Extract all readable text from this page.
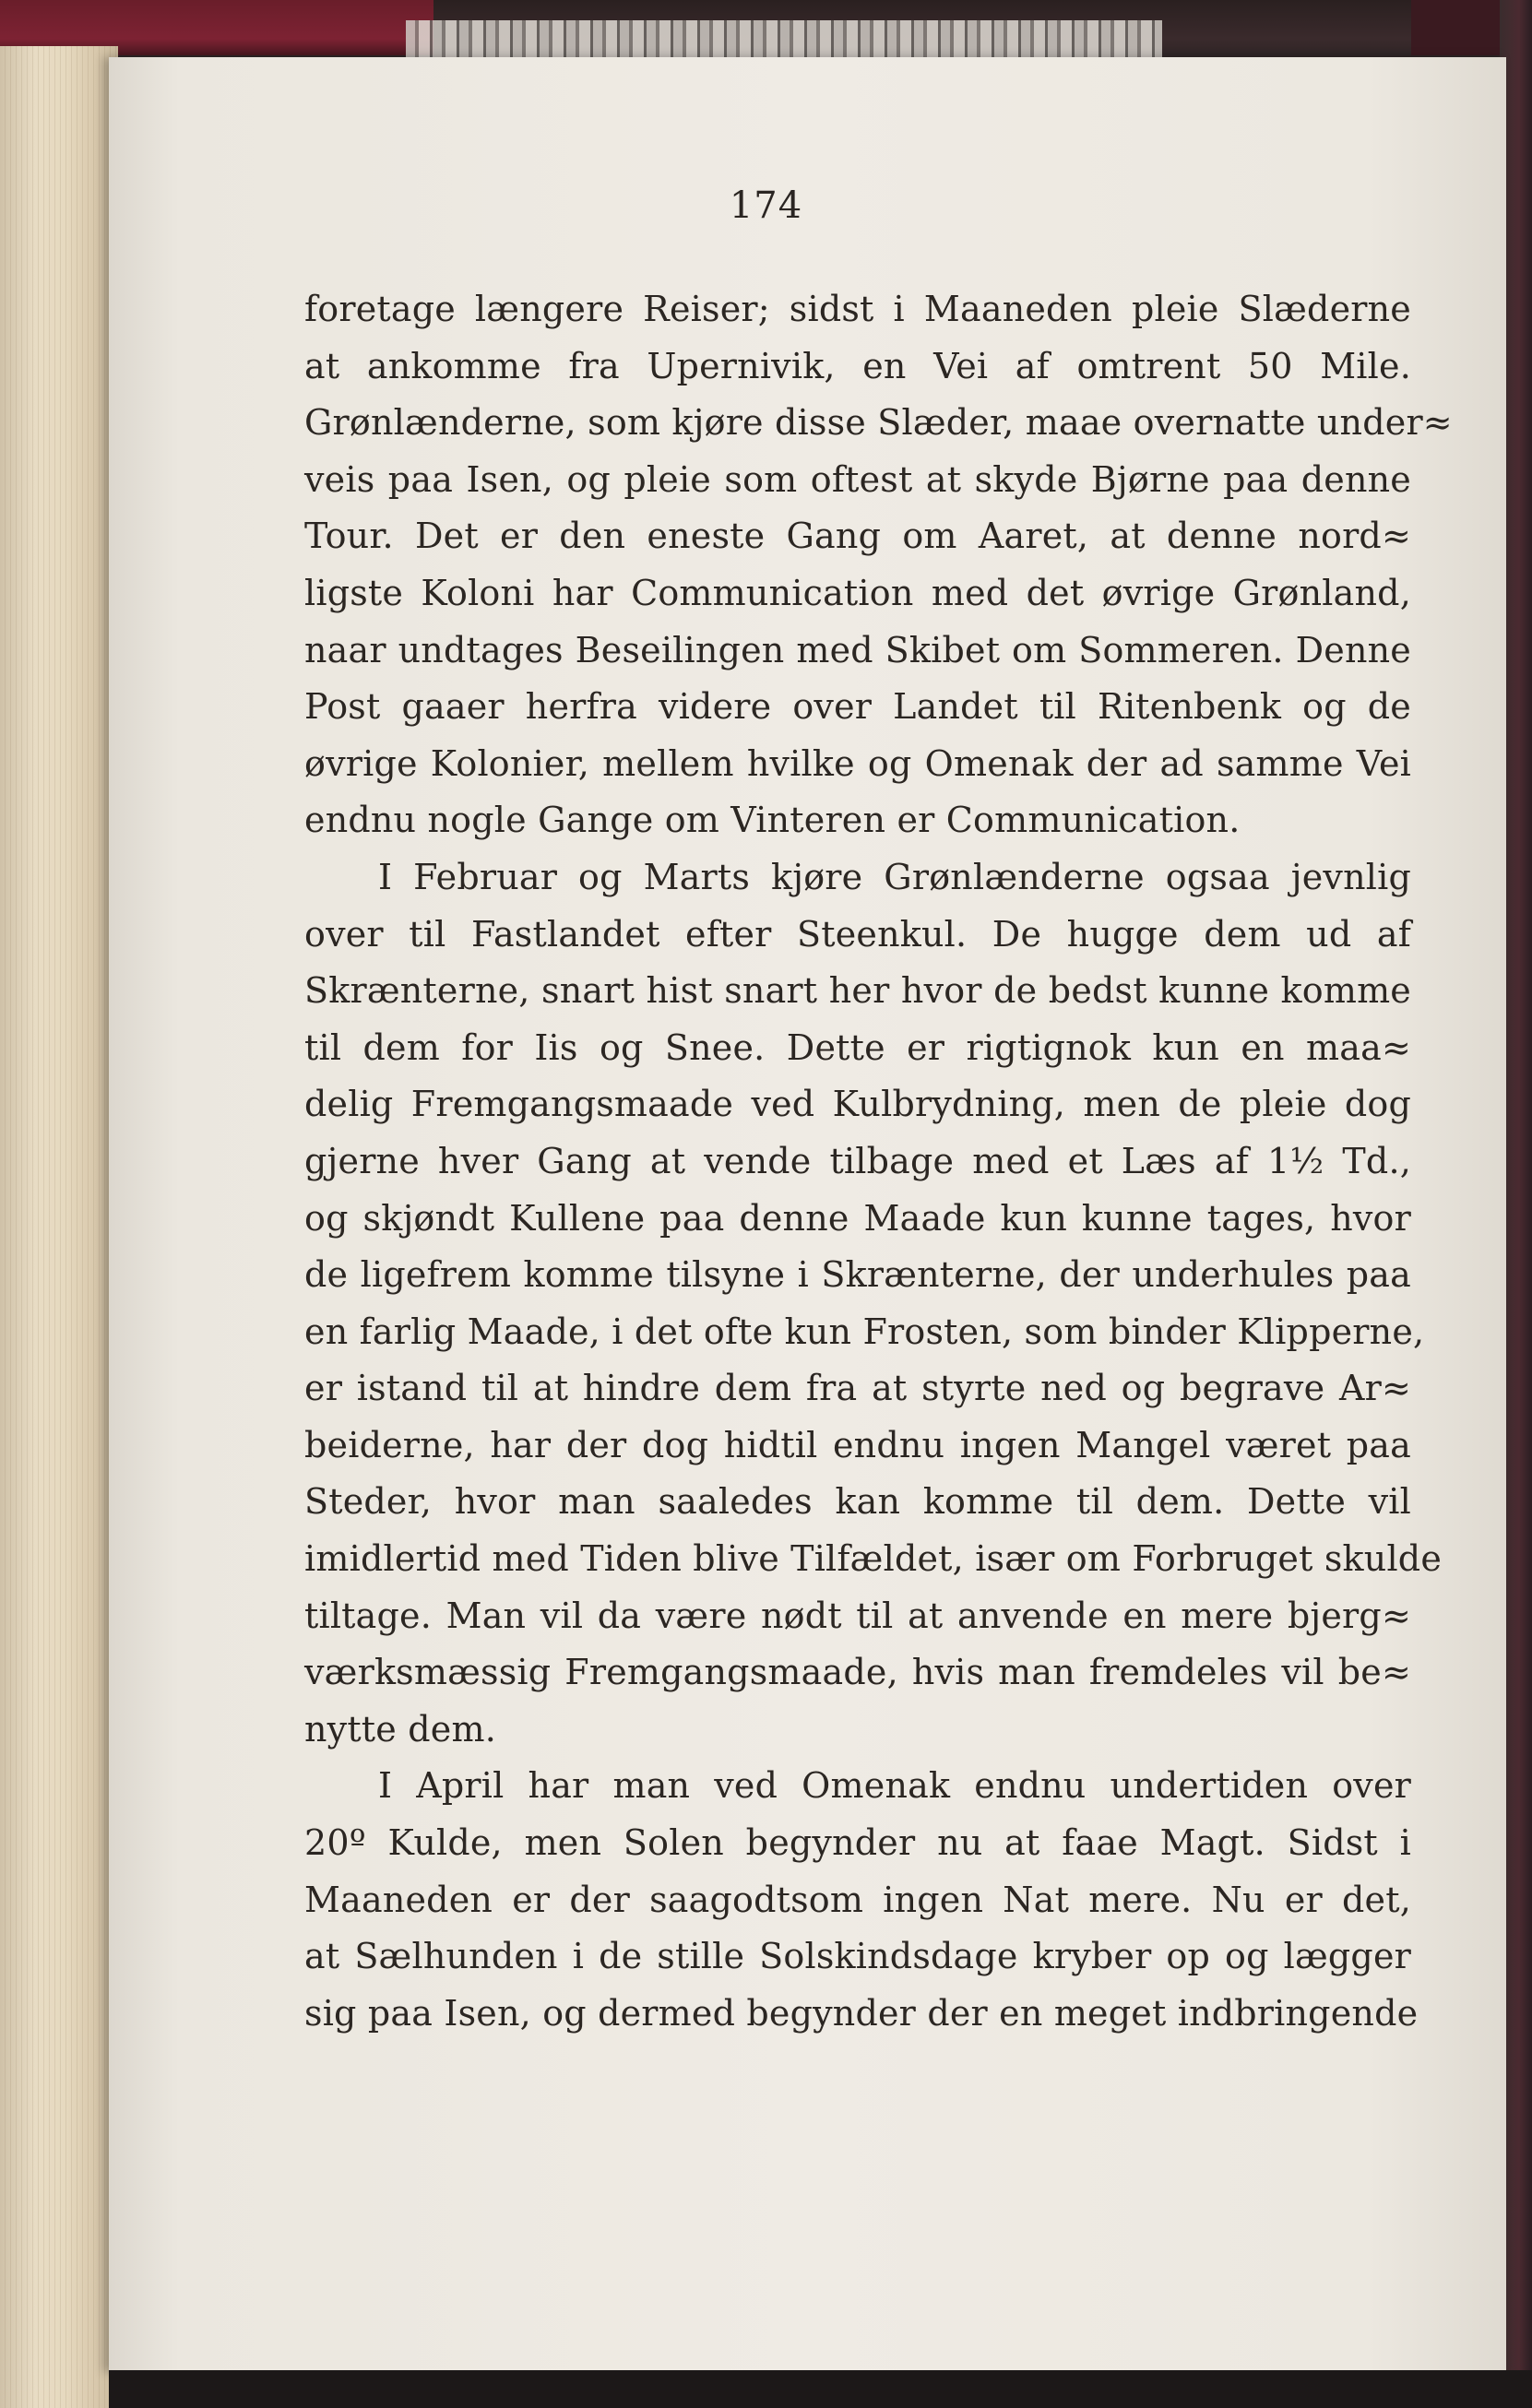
174
foretage længere Reiser; sidst i Maaneden pleie Slæderne
at ankomme fra Upernivik, en Vei af omtrent 50 Mile.
Grønlænderne, som kjøre disse Slæder, maae overnatte under≈
veis paa Isen, og pleie som oftest at skyde Bjørne paa denne
Tour. Det er den eneste Gang om Aaret, at denne nord≈
ligste Koloni har Communication med det øvrige Grønland,
naar undtages Beseilingen med Skibet om Sommeren. Denne
Post gaaer herfra videre over Landet til Ritenbenk og de
øvrige Kolonier, mellem hvilke og Omenak der ad samme Vei
endnu nogle Gange om Vinteren er Communication.
I Februar og Marts kjøre Grønlænderne ogsaa jevnlig
over til Fastlandet efter Steenkul. De hugge dem ud af
Skrænterne, snart hist snart her hvor de bedst kunne komme
til dem for Iis og Snee. Dette er rigtignok kun en maa≈
delig Fremgangsmaade ved Kulbrydning, men de pleie dog
gjerne hver Gang at vende tilbage med et Læs af 1½ Td.,
og skjøndt Kullene paa denne Maade kun kunne tages, hvor
de ligefrem komme tilsyne i Skrænterne, der underhules paa
en farlig Maade, i det ofte kun Frosten, som binder Klipperne,
er istand til at hindre dem fra at styrte ned og begrave Ar≈
beiderne, har der dog hidtil endnu ingen Mangel været paa
Steder, hvor man saaledes kan komme til dem. Dette vil
imidlertid med Tiden blive Tilfældet, især om Forbruget skulde
tiltage. Man vil da være nødt til at anvende en mere bjerg≈
værksmæssig Fremgangsmaade, hvis man fremdeles vil be≈
nytte dem.
I April har man ved Omenak endnu undertiden over
20º Kulde, men Solen begynder nu at faae Magt. Sidst i
Maaneden er der saagodtsom ingen Nat mere. Nu er det,
at Sælhunden i de stille Solskindsdage kryber op og lægger
sig paa Isen, og dermed begynder der en meget indbringende
